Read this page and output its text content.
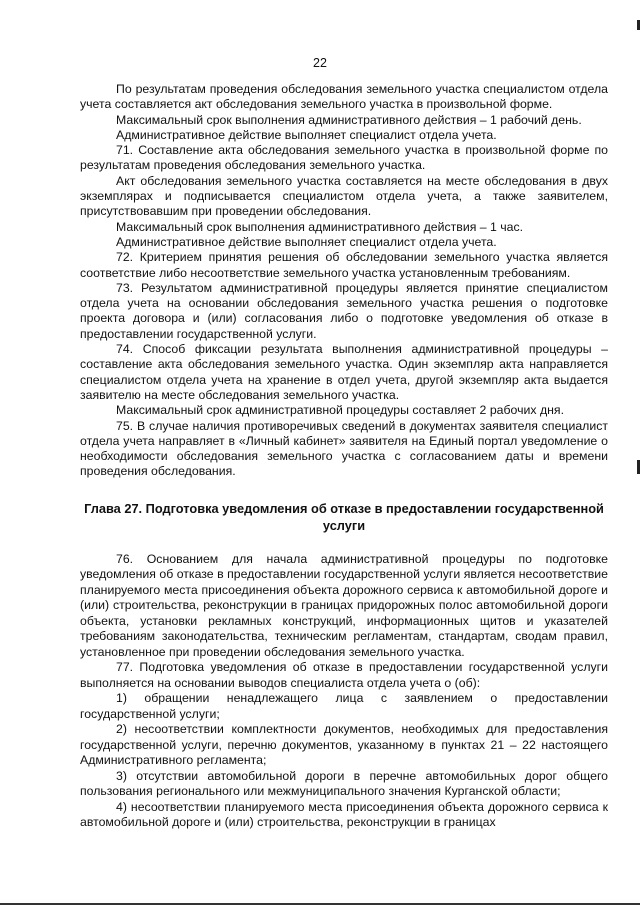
22

По результатам проведения обследования земельного участка специалистом отдела учета составляется акт обследования земельного участка в произвольной форме.

Максимальный срок выполнения административного действия – 1 рабочий день.

Административное действие выполняет специалист отдела учета.

71. Составление акта обследования земельного участка в произвольной форме по результатам проведения обследования земельного участка.

Акт обследования земельного участка составляется на месте обследования в двух экземплярах и подписывается специалистом отдела учета, а также заявителем, присутствовавшим при проведении обследования.

Максимальный срок выполнения административного действия – 1 час.

Административное действие выполняет специалист отдела учета.

72. Критерием принятия решения об обследовании земельного участка является соответствие либо несоответствие земельного участка установленным требованиям.

73. Результатом административной процедуры является принятие специалистом отдела учета на основании обследования земельного участка решения о подготовке проекта договора и (или) согласования либо о подготовке уведомления об отказе в предоставлении государственной услуги.

74. Способ фиксации результата выполнения административной процедуры – составление акта обследования земельного участка. Один экземпляр акта направляется специалистом отдела учета на хранение в отдел учета, другой экземпляр акта выдается заявителю на месте обследования земельного участка.

Максимальный срок административной процедуры составляет 2 рабочих дня.

75. В случае наличия противоречивых сведений в документах заявителя специалист отдела учета направляет в «Личный кабинет» заявителя на Единый портал уведомление о необходимости обследования земельного участка с согласованием даты и времени проведения обследования.

Глава 27. Подготовка уведомления об отказе в предоставлении государственной услуги

76. Основанием для начала административной процедуры по подготовке уведомления об отказе в предоставлении государственной услуги является несоответствие планируемого места присоединения объекта дорожного сервиса к автомобильной дороге и (или) строительства, реконструкции в границах придорожных полос автомобильной дороги объекта, установки рекламных конструкций, информационных щитов и указателей требованиям законодательства, техническим регламентам, стандартам, сводам правил, установленное при проведении обследования земельного участка.

77. Подготовка уведомления об отказе в предоставлении государственной услуги выполняется на основании выводов специалиста отдела учета о (об):

1) обращении ненадлежащего лица с заявлением о предоставлении государственной услуги;

2) несоответствии комплектности документов, необходимых для предоставления государственной услуги, перечню документов, указанному в пунктах 21 – 22 настоящего Административного регламента;

3) отсутствии автомобильной дороги в перечне автомобильных дорог общего пользования регионального или межмуниципального значения Курганской области;

4) несоответствии планируемого места присоединения объекта дорожного сервиса к автомобильной дороге и (или) строительства, реконструкции в границах
